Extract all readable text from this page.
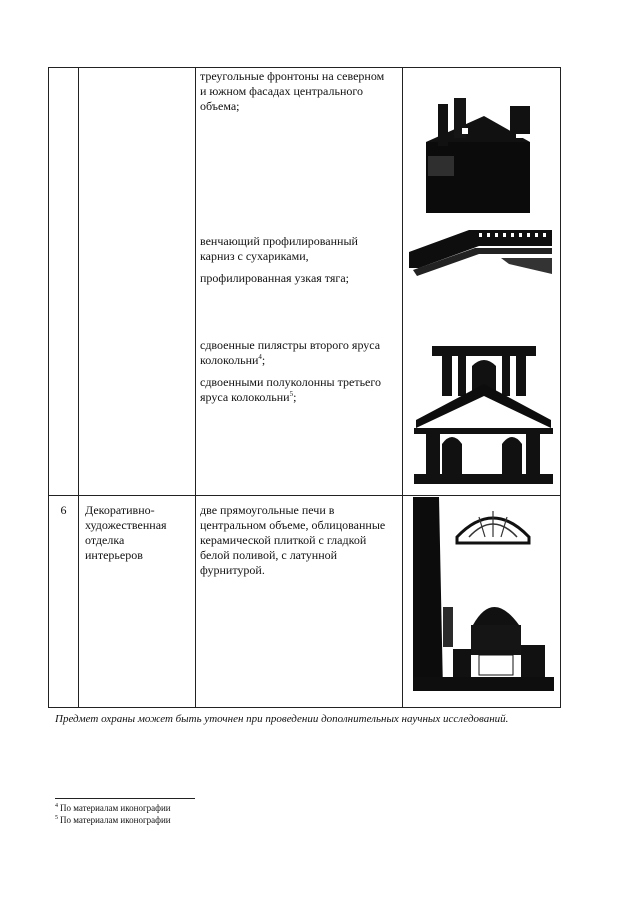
треугольные фронтоны на северном и южном фасадах центрального объема;
венчающий профилированный карниз с сухариками,
профилированная узкая тяга;
сдвоенные пилястры второго яруса колокольни$^4$;
сдвоенными полуколонны третьего яруса колокольни$^5$;
6	Декоративно-художественная отделка интерьеров
две прямоугольные печи в центральном объеме, облицованные керамической плиткой с гладкой белой поливой, с латунной фурнитурой.
Предмет охраны может быть уточнен при проведении дополнительных научных исследований.
$^4$ По материалам иконографии
$^5$ По материалам иконографии
